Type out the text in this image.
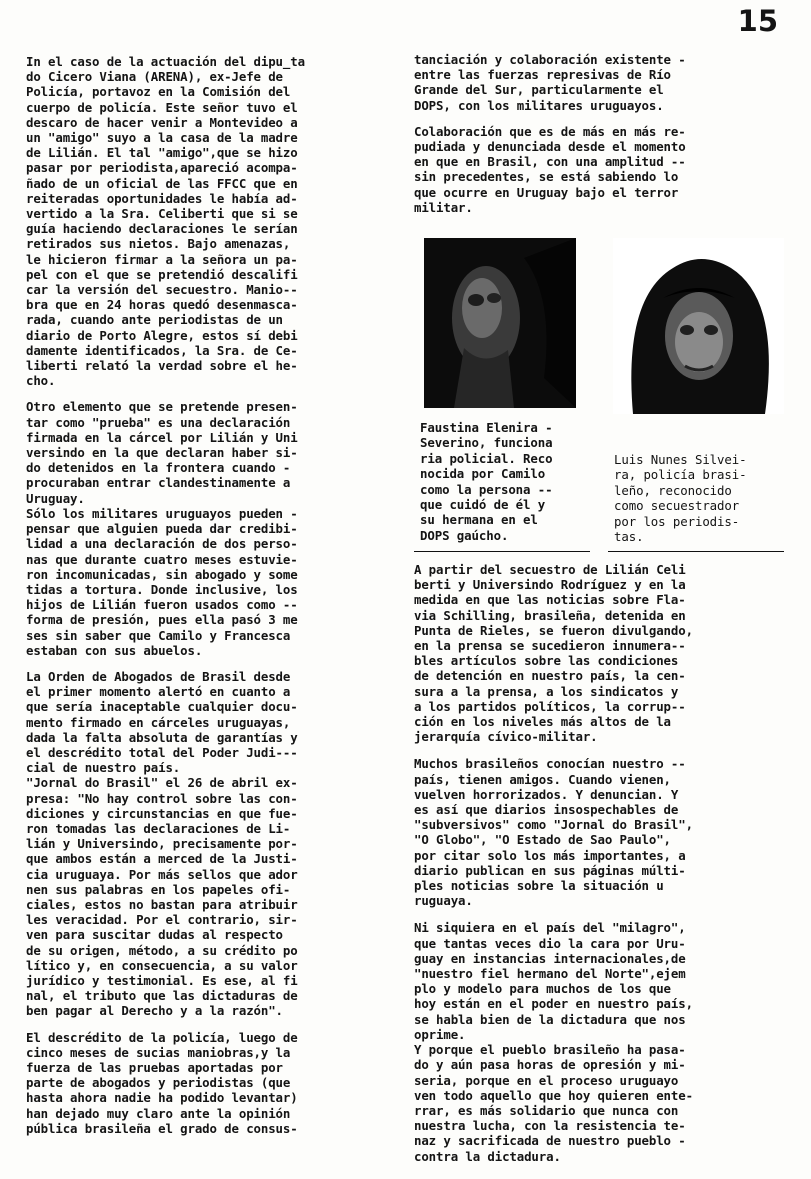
15

In el caso de la actuación del dipu_ta
do Cicero Viana (ARENA), ex-Jefe de
Policía, portavoz en la Comisión del
cuerpo de policía. Este señor tuvo el
descaro de hacer venir a Montevideo a
un "amigo" suyo a la casa de la madre
de Lilián. El tal "amigo",que se hizo
pasar por periodista,apareció acompa-
ñado de un oficial de las FFCC que en
reiteradas oportunidades le había ad-
vertido a la Sra. Celiberti que si se
guía haciendo declaraciones le serían
retirados sus nietos. Bajo amenazas,
le hicieron firmar a la señora un pa-
pel con el que se pretendió descalifi
car la versión del secuestro. Manio--
bra que en 24 horas quedó desenmasca-
rada, cuando ante periodistas de un
diario de Porto Alegre, estos sí debi
damente identificados, la Sra. de Ce-
liberti relató la verdad sobre el he-
cho.

Otro elemento que se pretende presen-
tar como "prueba" es una declaración
firmada en la cárcel por Lilián y Uni
versindo en la que declaran haber si-
do detenidos en la frontera cuando -
procuraban entrar clandestinamente a
Uruguay.
Sólo los militares uruguayos pueden -
pensar que alguien pueda dar credibi-
lidad a una declaración de dos perso-
nas que durante cuatro meses estuvie-
ron incomunicadas, sin abogado y some
tidas a tortura. Donde inclusive, los
hijos de Lilián fueron usados como --
forma de presión, pues ella pasó 3 me
ses sin saber que Camilo y Francesca
estaban con sus abuelos.

La Orden de Abogados de Brasil desde
el primer momento alertó en cuanto a
que sería inaceptable cualquier docu-
mento firmado en cárceles uruguayas,
dada la falta absoluta de garantías y
el descrédito total del Poder Judi---
cial de nuestro país.
"Jornal do Brasil" el 26 de abril ex-
presa: "No hay control sobre las con-
diciones y circunstancias en que fue-
ron tomadas las declaraciones de Li-
lián y Universindo, precisamente por-
que ambos están a merced de la Justi-
cia uruguaya. Por más sellos que ador
nen sus palabras en los papeles ofi-
ciales, estos no bastan para atribuir
les veracidad. Por el contrario, sir-
ven para suscitar dudas al respecto
de su origen, método, a su crédito po
lítico y, en consecuencia, a su valor
jurídico y testimonial. Es ese, al fi
nal, el tributo que las dictaduras de
ben pagar al Derecho y a la razón".

El descrédito de la policía, luego de
cinco meses de sucias maniobras,y la
fuerza de las pruebas aportadas por
parte de abogados y periodistas (que
hasta ahora nadie ha podido levantar)
han dejado muy claro ante la opinión
pública brasileña el grado de consus-

tanciación y colaboración existente -
entre las fuerzas represivas de Río
Grande del Sur, particularmente el
DOPS, con los militares uruguayos.

Colaboración que es de más en más re-
pudiada y denunciada desde el momento
en que en Brasil, con una amplitud --
sin precedentes, se está sabiendo lo
que ocurre en Uruguay bajo el terror
militar.

Faustina Elenira -
Severino, funciona
ria policial. Reco
nocida por Camilo
como la persona --
que cuidó de él y
su hermana en el
DOPS gaúcho.
Luis Nunes Silvei-
ra, policía brasi-
leño, reconocido
como secuestrador
por los periodis-
tas.

A partir del secuestro de Lilián Celi
berti y Universindo Rodríguez y en la
medida en que las noticias sobre Fla-
via Schilling, brasileña, detenida en
Punta de Rieles, se fueron divulgando,
en la prensa se sucedieron innumera--
bles artículos sobre las condiciones
de detención en nuestro país, la cen-
sura a la prensa, a los sindicatos y
a los partidos políticos, la corrup--
ción en los niveles más altos de la
jerarquía cívico-militar.

Muchos brasileños conocían nuestro --
país, tienen amigos. Cuando vienen,
vuelven horrorizados. Y denuncian. Y
es así que diarios insospechables de
"subversivos" como "Jornal do Brasil",
"O Globo", "O Estado de Sao Paulo",
por citar solo los más importantes, a
diario publican en sus páginas múlti-
ples noticias sobre la situación u
ruguaya.

Ni siquiera en el país del "milagro",
que tantas veces dio la cara por Uru-
guay en instancias internacionales,de
"nuestro fiel hermano del Norte",ejem
plo y modelo para muchos de los que
hoy están en el poder en nuestro país,
se habla bien de la dictadura que nos
oprime.
Y porque el pueblo brasileño ha pasa-
do y aún pasa horas de opresión y mi-
seria, porque en el proceso uruguayo
ven todo aquello que hoy quieren ente-
rrar, es más solidario que nunca con
nuestra lucha, con la resistencia te-
naz y sacrificada de nuestro pueblo -
contra la dictadura.
